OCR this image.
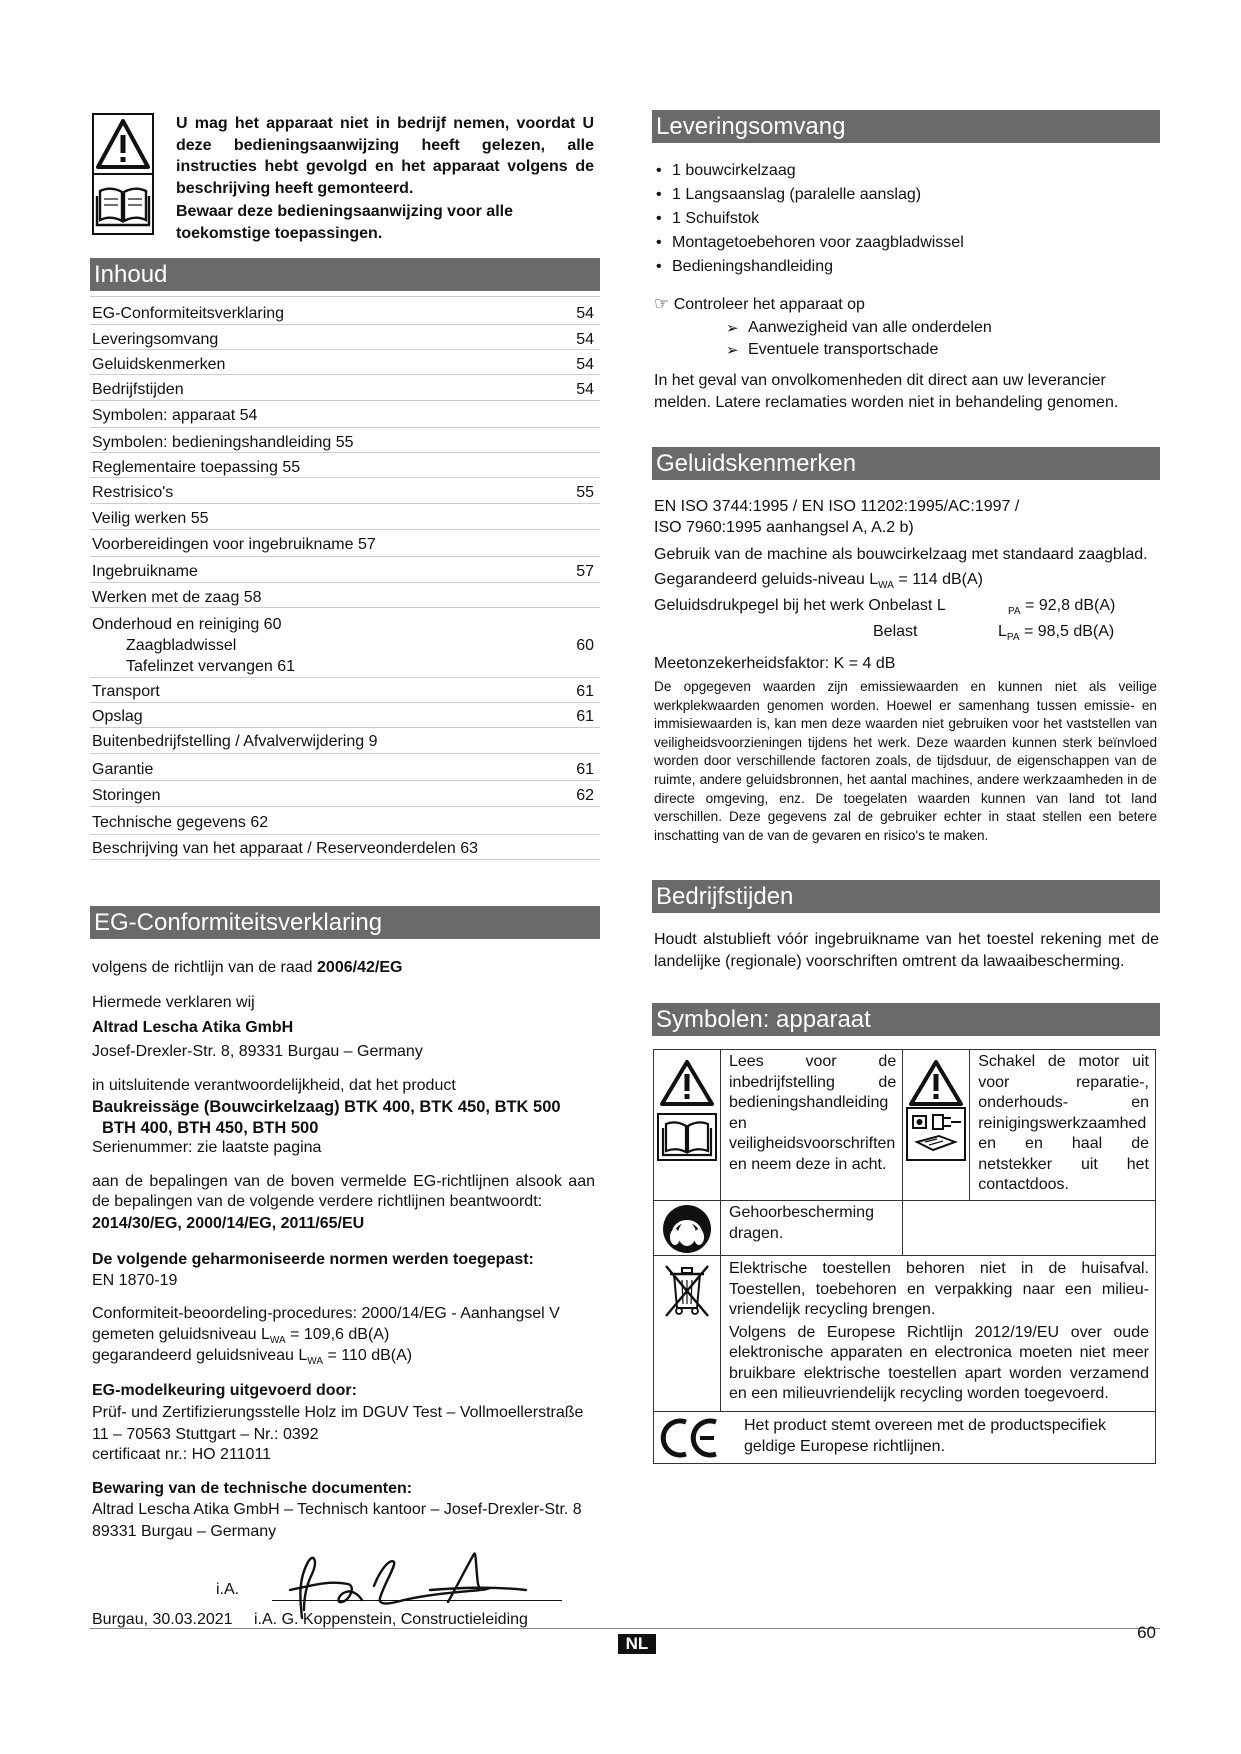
U mag het apparaat niet in bedrijf nemen, voordat U deze bedieningsaanwijzing heeft gelezen, alle instructies hebt gevolgd en het apparaat volgens de beschrijving heeft gemonteerd.
Bewaar deze bedieningsaanwijzing voor alle toekomstige toepassingen.
Inhoud
EG-Conformiteitsverklaring	54
Leveringsomvang	54
Geluidskenmerken	54
Bedrijfstijden	54
Symbolen: apparaat 54
Symbolen: bedieningshandleiding 55
Reglementaire toepassing 55
Restrisico's	55
Veilig werken 55
Voorbereidingen voor ingebruikname 57
Ingebruikname	57
Werken met de zaag 58
Onderhoud en reiniging 60
Zaagbladwissel	60
Tafelinzet vervangen 61
Transport	61
Opslag	61
Buitenbedrijfstelling / Afvalverwijdering 9
Garantie	61
Storingen	62
Technische gegevens 62
Beschrijving van het apparaat / Reserveonderdelen 63
EG-Conformiteitsverklaring
volgens de richtlijn van de raad 2006/42/EG
Hiermede verklaren wij
Altrad Lescha Atika GmbH
Josef-Drexler-Str. 8, 89331 Burgau – Germany
in uitsluitende verantwoordelijkheid, dat het product
Baukreissäge (Bouwcirkelzaag) BTK 400, BTK 450, BTK 500
BTH 400, BTH 450, BTH 500
Serienummer: zie laatste pagina
aan de bepalingen van de boven vermelde EG-richtlijnen alsook aan de bepalingen van de volgende verdere richtlijnen beantwoordt:
2014/30/EG, 2000/14/EG, 2011/65/EU
De volgende geharmoniseerde normen werden toegepast:
EN 1870-19
Conformiteit-beoordeling-procedures: 2000/14/EG - Aanhangsel V
gemeten geluidsniveau $L_{WA} = 109,6$ dB(A)
gegarandeerd geluidsniveau $L_{WA} = 110$ dB(A)
EG-modelkeuring uitgevoerd door:
Prüf- und Zertifizierungsstelle Holz im DGUV Test – Vollmoellerstraße 11 – 70563 Stuttgart – Nr.: 0392
certificaat nr.: HO 211011
Bewaring van de technische documenten:
Altrad Lescha Atika GmbH – Technisch kantoor – Josef-Drexler-Str. 8
89331 Burgau – Germany
i.A.
Burgau, 30.03.2021 i.A. G. Koppenstein, Constructieleiding
Leveringsomvang
• 1 bouwcirkelzaag
• 1 Langsaanslag (paralelle aanslag)
• 1 Schuifstok
• Montagetoebehoren voor zaagbladwissel
• Bedieningshandleiding
☞ Controleer het apparaat op
➢ Aanwezigheid van alle onderdelen
➢ Eventuele transportschade
In het geval van onvolkomenheden dit direct aan uw leverancier melden. Latere reclamaties worden niet in behandeling genomen.
Geluidskenmerken
EN ISO 3744:1995 / EN ISO 11202:1995/AC:1997 /
ISO 7960:1995 aanhangsel A, A.2 b)
Gebruik van de machine als bouwcirkelzaag met standaard zaagblad.
Gegarandeerd geluids-niveau $L_{WA} = 114$ dB(A)
Geluidsdrukpegel bij het werk Onbelast L	$_{PA}$ = 92,8 dB(A)
Belast	$L_{PA} = 98,5$ dB(A)
Meetonzekerheidsfaktor: K = 4 dB
De opgegeven waarden zijn emissiewaarden en kunnen niet als veilige werkplekwaarden genomen worden. Hoewel er samenhang tussen emissie- en immisiewaarden is, kan men deze waarden niet gebruiken voor het vaststellen van veiligheidsvoorzieningen tijdens het werk. Deze waarden kunnen sterk beïnvloed worden door verschillende factoren zoals, de tijdsduur, de eigenschappen van de ruimte, andere geluidsbronnen, het aantal machines, andere werkzaamheden in de directe omgeving, enz. De toegelaten waarden kunnen van land tot land verschillen. Deze gegevens zal de gebruiker echter in staat stellen een betere inschatting van de van de gevaren en risico's te maken.
Bedrijfstijden
Houdt alstublieft vóór ingebruikname van het toestel rekening met de landelijke (regionale) voorschriften omtrent da lawaaibescherming.
Symbolen: apparaat

Lees voor de inbedrijfstelling de bedieningshandleiding en veiligheidsvoorschriften en neem deze in acht.		Schakel de motor uit voor reparatie-, onderhouds- en reinigingswerkzaamhed en en haal de netstekker uit het contactdoos.

Gehoorbescherming dragen.		

Elektrische toestellen behoren niet in de huisafval. Toestellen, toebehoren en verpakking naar een milieu-vriendelijk recycling brengen.
Volgens de Europese Richtlijn 2012/19/EU over oude elektronische apparaten en electronica moeten niet meer bruikbare elektrische toestellen apart worden verzamend en een milieuvriendelijk recycling worden toegevoerd.		

Het product stemt overeen met de productspecifiek geldige Europese richtlijnen.			
NL
60
